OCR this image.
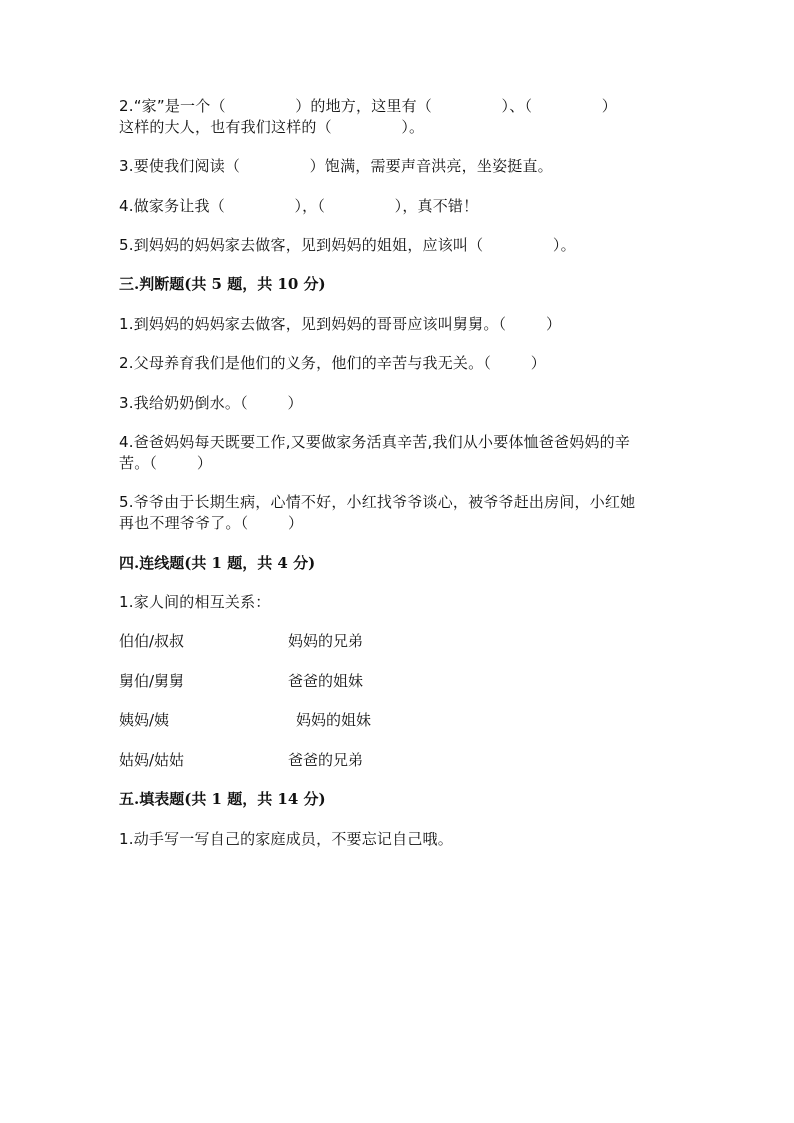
2.“家”是一个（              ）的地方，这里有（              ）、（              ）
这样的大人，也有我们这样的（              ）。
3.要使我们阅读（              ）饱满，需要声音洪亮，坐姿挺直。
4.做家务让我（              ），（              ），真不错！
5.到妈妈的妈妈家去做客，见到妈妈的姐姐，应该叫（              ）。
三.判断题(共 5 题，共 10 分)
1.到妈妈的妈妈家去做客，见到妈妈的哥哥应该叫舅舅。（        ）
2.父母养育我们是他们的义务，他们的辛苦与我无关。（        ）
3.我给奶奶倒水。（        ）
4.爸爸妈妈每天既要工作,又要做家务活真辛苦,我们从小要体恤爸爸妈妈的辛
苦。（        ）
5.爷爷由于长期生病，心情不好，小红找爷爷谈心，被爷爷赶出房间，小红她
再也不理爷爷了。（        ）
四.连线题(共 1 题，共 4 分)
1.家人间的相互关系：
伯伯/叔叔	妈妈的兄弟
舅伯/舅舅	爸爸的姐妹
姨妈/姨	妈妈的姐妹
姑妈/姑姑	爸爸的兄弟
五.填表题(共 1 题，共 14 分)
1.动手写一写自己的家庭成员，不要忘记自己哦。
